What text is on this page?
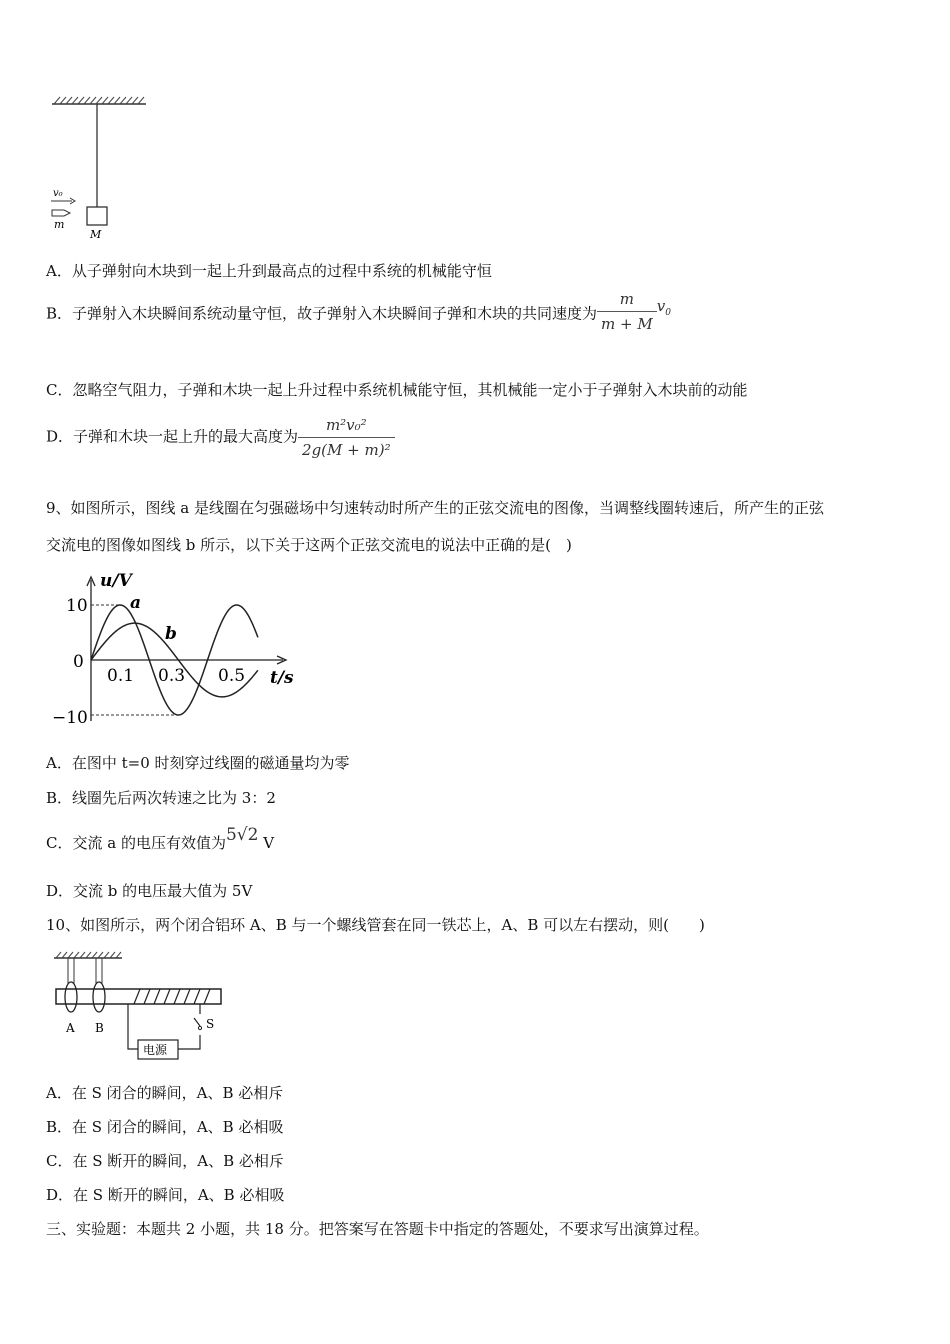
M
v₀
m
A．从子弹射向木块到一起上升到最高点的过程中系统的机械能守恒
B．子弹射入木块瞬间系统动量守恒，故子弹射入木块瞬间子弹和木块的共同速度为 $\frac{m}{m + M} v_0$
C．忽略空气阻力，子弹和木块一起上升过程中系统机械能守恒，其机械能一定小于子弹射入木块前的动能
D．子弹和木块一起上升的最大高度为 $\frac{\text{m²v₀²}}{\text{2g(M + m)²}}$
9、如图所示，图线 a 是线圈在匀强磁场中匀速转动时所产生的正弦交流电的图像，当调整线圈转速后，所产生的正弦
交流电的图像如图线 b 所示，以下关于这两个正弦交流电的说法中正确的是(　)
u/V
t/s
10
0
−10
0.1 0.3 0.5
a
b
A．在图中 t=0 时刻穿过线圈的磁通量均为零
B．线圈先后两次转速之比为 3：2
C．交流 a 的电压有效值为5√2 V
D．交流 b 的电压最大值为 5V
10、如图所示，两个闭合铝环 A、B 与一个螺线管套在同一铁芯上，A、B 可以左右摆动，则(　　)
A B
电源
S
A．在 S 闭合的瞬间，A、B 必相斥
B．在 S 闭合的瞬间，A、B 必相吸
C．在 S 断开的瞬间，A、B 必相斥
D．在 S 断开的瞬间，A、B 必相吸
三、实验题：本题共 2 小题，共 18 分。把答案写在答题卡中指定的答题处，不要求写出演算过程。
